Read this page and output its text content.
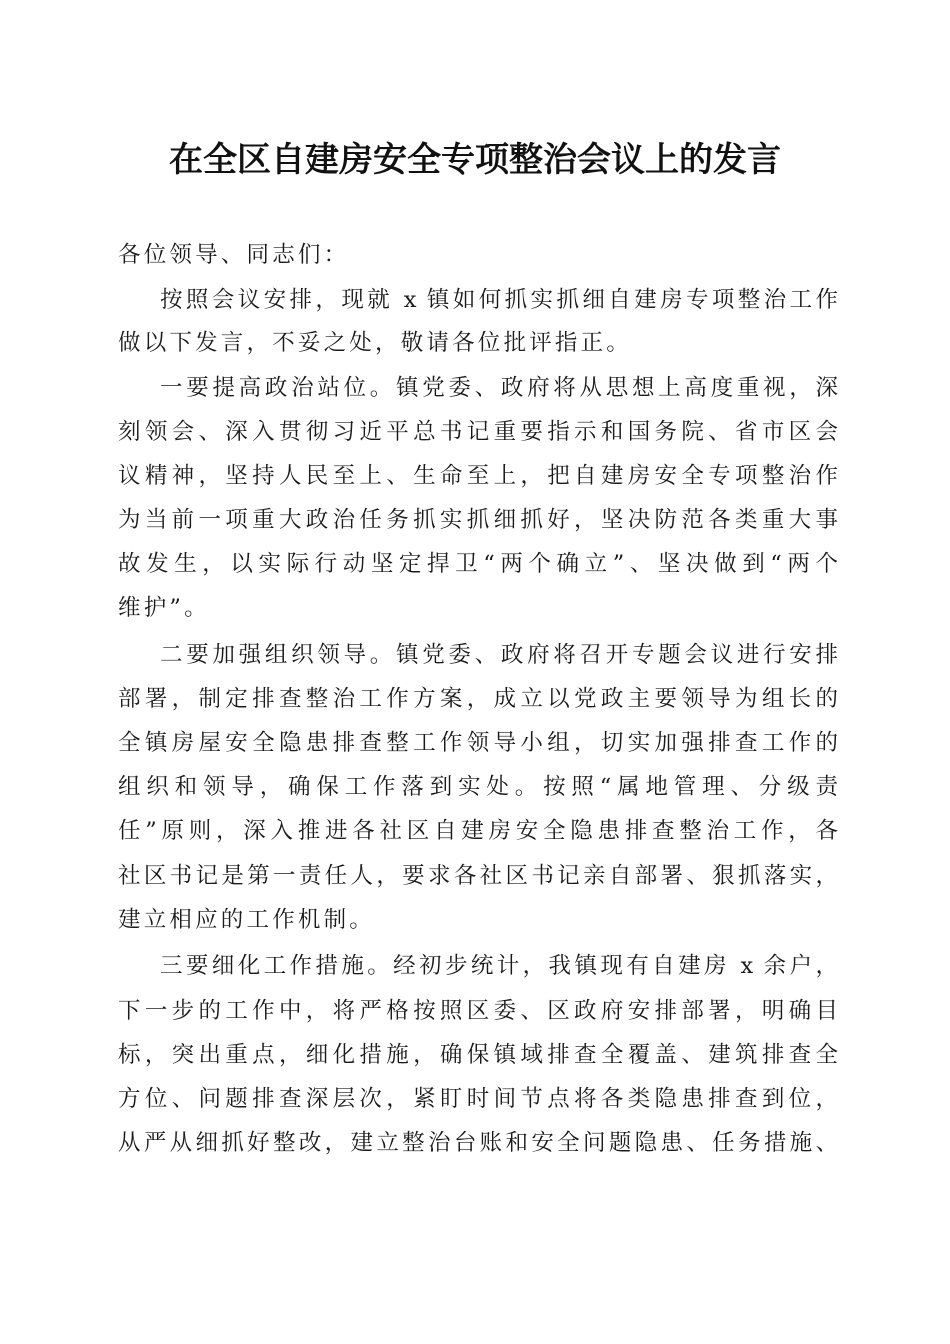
在全区自建房安全专项整治会议上的发言
各位领导、同志们：
按照会议安排，现就 x 镇如何抓实抓细自建房专项整治工作
做以下发言，不妥之处，敬请各位批评指正。
一要提高政治站位。镇党委、政府将从思想上高度重视，深
刻领会、深入贯彻习近平总书记重要指示和国务院、省市区会
议精神，坚持人民至上、生命至上，把自建房安全专项整治作
为当前一项重大政治任务抓实抓细抓好，坚决防范各类重大事
故发生，以实际行动坚定捍卫“两个确立”、坚决做到“两个
维护”。
二要加强组织领导。镇党委、政府将召开专题会议进行安排
部署，制定排查整治工作方案，成立以党政主要领导为组长的
全镇房屋安全隐患排查整工作领导小组，切实加强排查工作的
组织和领导，确保工作落到实处。按照“属地管理、分级责
任”原则，深入推进各社区自建房安全隐患排查整治工作，各
社区书记是第一责任人，要求各社区书记亲自部署、狠抓落实，
建立相应的工作机制。
三要细化工作措施。经初步统计，我镇现有自建房 x 余户，
下一步的工作中，将严格按照区委、区政府安排部署，明确目
标，突出重点，细化措施，确保镇域排查全覆盖、建筑排查全
方位、问题排查深层次，紧盯时间节点将各类隐患排查到位，
从严从细抓好整改，建立整治台账和安全问题隐患、任务措施、
